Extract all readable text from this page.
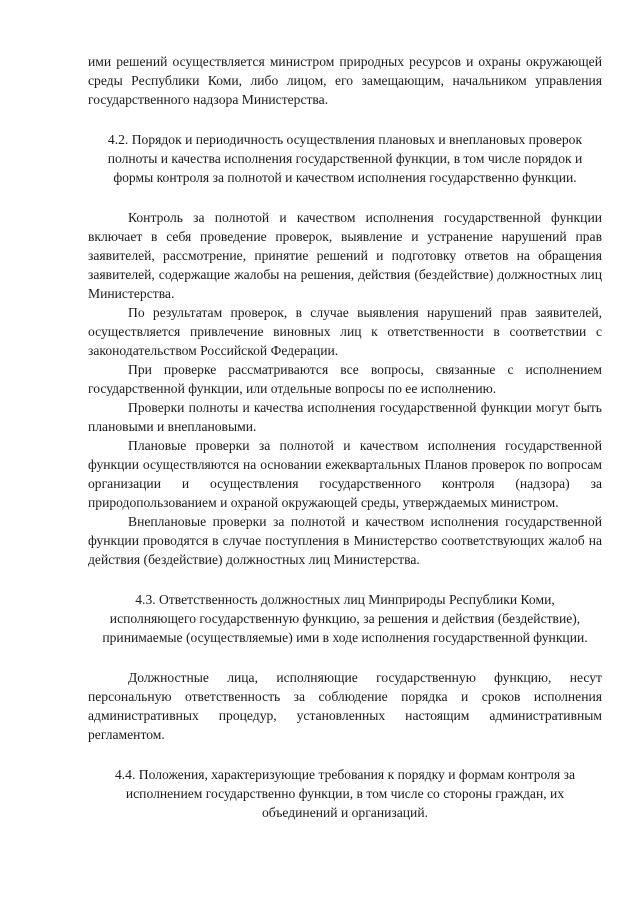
ими решений осуществляется министром природных ресурсов и охраны окружающей среды Республики Коми, либо лицом, его замещающим, начальником управления государственного надзора Министерства.

4.2. Порядок и периодичность осуществления плановых и внеплановых проверок полноты и качества исполнения государственной функции, в том числе порядок и формы контроля за полнотой и качеством исполнения государственно функции.

Контроль за полнотой и качеством исполнения государственной функции включает в себя проведение проверок, выявление и устранение нарушений прав заявителей, рассмотрение, принятие решений и подготовку ответов на обращения заявителей, содержащие жалобы на решения, действия (бездействие) должностных лиц Министерства.

По результатам проверок, в случае выявления нарушений прав заявителей, осуществляется привлечение виновных лиц к ответственности в соответствии с законодательством Российской Федерации.

При проверке рассматриваются все вопросы, связанные с исполнением государственной функции, или отдельные вопросы по ее исполнению.

Проверки полноты и качества исполнения государственной функции могут быть плановыми и внеплановыми.

Плановые проверки за полнотой и качеством исполнения государственной функции осуществляются на основании ежеквартальных Планов проверок по вопросам организации и осуществления государственного контроля (надзора) за природопользованием и охраной окружающей среды, утверждаемых министром.

Внеплановые проверки за полнотой и качеством исполнения государственной функции проводятся в случае поступления в Министерство соответствующих жалоб на действия (бездействие) должностных лиц Министерства.

4.3. Ответственность должностных лиц Минприроды Республики Коми, исполняющего государственную функцию, за решения и действия (бездействие), принимаемые (осуществляемые) ими в ходе исполнения государственной функции.

Должностные лица, исполняющие государственную функцию, несут персональную ответственность за соблюдение порядка и сроков исполнения административных процедур, установленных настоящим административным регламентом.

4.4. Положения, характеризующие требования к порядку и формам контроля за исполнением государственно функции, в том числе со стороны граждан, их объединений и организаций.
